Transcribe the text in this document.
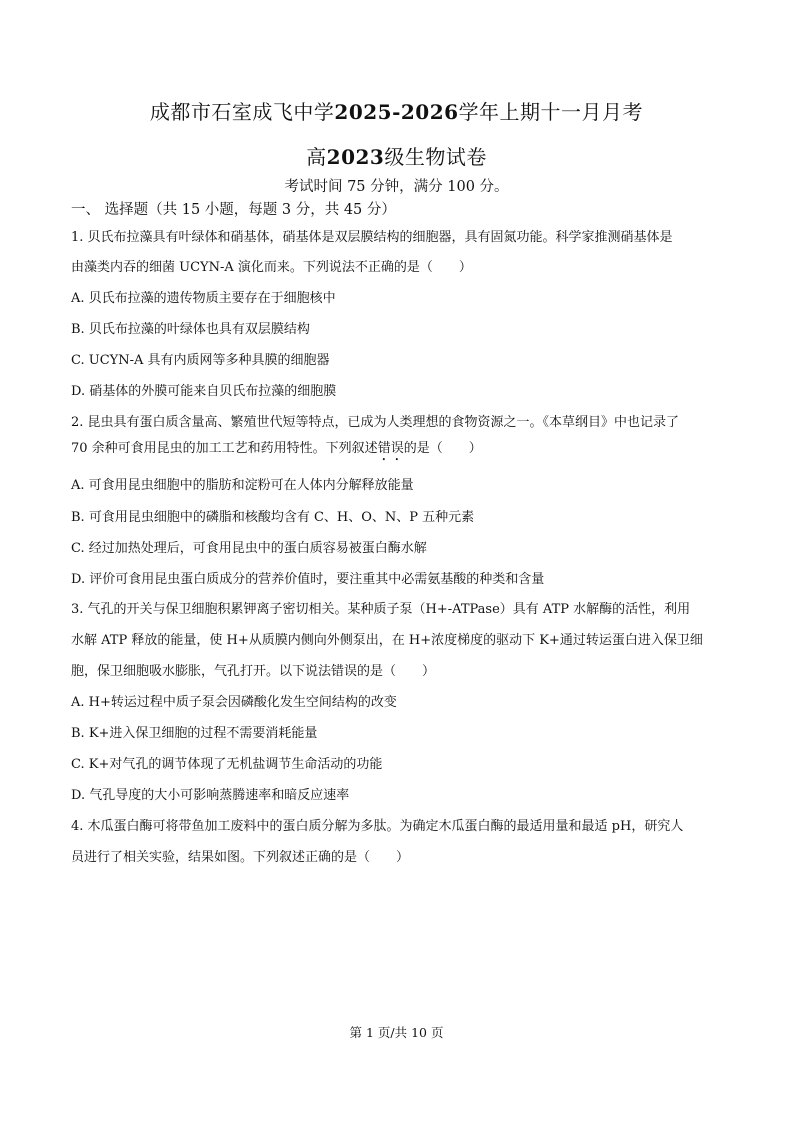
成都市石室成飞中学2025-2026学年上期十一月月考
高2023级生物试卷
考试时间 75 分钟，满分 100 分。
一、 选择题（共 15 小题，每题 3 分，共 45 分）
1. 贝氏布拉藻具有叶绿体和硝基体，硝基体是双层膜结构的细胞器，具有固氮功能。科学家推测硝基体是
由藻类内吞的细菌 UCYN-A 演化而来。下列说法不正确的是（　　）
A. 贝氏布拉藻的遗传物质主要存在于细胞核中
B. 贝氏布拉藻的叶绿体也具有双层膜结构
C. UCYN-A 具有内质网等多种具膜的细胞器
D. 硝基体的外膜可能来自贝氏布拉藻的细胞膜
2. 昆虫具有蛋白质含量高、繁殖世代短等特点，已成为人类理想的食物资源之一。《本草纲目》中也记录了
70 余种可食用昆虫的加工工艺和药用特性。下列叙述错误的是（　　）
A. 可食用昆虫细胞中的脂肪和淀粉可在人体内分解释放能量
B. 可食用昆虫细胞中的磷脂和核酸均含有 C、H、O、N、P 五种元素
C. 经过加热处理后，可食用昆虫中的蛋白质容易被蛋白酶水解
D. 评价可食用昆虫蛋白质成分的营养价值时，要注重其中必需氨基酸的种类和含量
3. 气孔的开关与保卫细胞积累钾离子密切相关。某种质子泵（H+-ATPase）具有 ATP 水解酶的活性，利用
水解 ATP 释放的能量，使 H+从质膜内侧向外侧泵出，在 H+浓度梯度的驱动下 K+通过转运蛋白进入保卫细
胞，保卫细胞吸水膨胀，气孔打开。以下说法错误的是（　　）
A. H+转运过程中质子泵会因磷酸化发生空间结构的改变
B. K+进入保卫细胞的过程不需要消耗能量
C. K+对气孔的调节体现了无机盐调节生命活动的功能
D. 气孔导度的大小可影响蒸腾速率和暗反应速率
4. 木瓜蛋白酶可将带鱼加工废料中的蛋白质分解为多肽。为确定木瓜蛋白酶的最适用量和最适 pH，研究人
员进行了相关实验，结果如图。下列叙述正确的是（　　）
第 1 页/共 10 页
